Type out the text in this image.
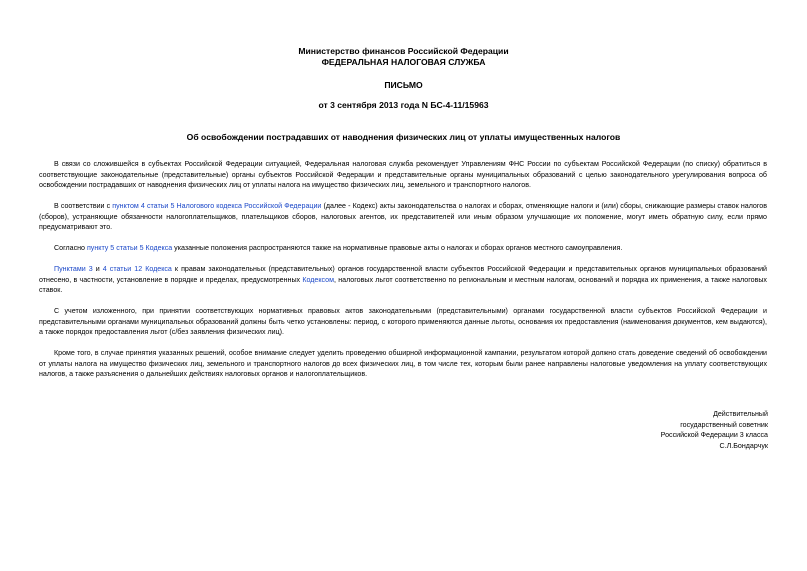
Министерство финансов Российской Федерации

ФЕДЕРАЛЬНАЯ НАЛОГОВАЯ СЛУЖБА

ПИСЬМО

от 3 сентября 2013 года N БС-4-11/15963

Об освобождении пострадавших от наводнения физических лиц от уплаты имущественных налогов

В связи со сложившейся в субъектах Российской Федерации ситуацией, Федеральная налоговая служба рекомендует Управлениям ФНС России по субъектам Российской Федерации (по списку) обратиться в соответствующие законодательные (представительные) органы субъектов Российской Федерации и представительные органы муниципальных образований с целью законодательного урегулирования вопроса об освобождении пострадавших от наводнения физических лиц от уплаты налога на имущество физических лиц, земельного и транспортного налогов.

В соответствии с пунктом 4 статьи 5 Налогового кодекса Российской Федерации (далее - Кодекс) акты законодательства о налогах и сборах, отменяющие налоги и (или) сборы, снижающие размеры ставок налогов (сборов), устраняющие обязанности налогоплательщиков, плательщиков сборов, налоговых агентов, их представителей или иным образом улучшающие их положение, могут иметь обратную силу, если прямо предусматривают это.

Согласно пункту 5 статьи 5 Кодекса указанные положения распространяются также на нормативные правовые акты о налогах и сборах органов местного самоуправления.

Пунктами 3 и 4 статьи 12 Кодекса к правам законодательных (представительных) органов государственной власти субъектов Российской Федерации и представительных органов муниципальных образований отнесено, в частности, установление в порядке и пределах, предусмотренных Кодексом, налоговых льгот соответственно по региональным и местным налогам, оснований и порядка их применения, а также налоговых ставок.

С учетом изложенного, при принятии соответствующих нормативных правовых актов законодательными (представительными) органами государственной власти субъектов Российской Федерации и представительными органами муниципальных образований должны быть четко установлены: период, с которого применяются данные льготы, основания их предоставления (наименования документов, кем выдаются), а также порядок предоставления льгот (с/без заявления физических лиц).

Кроме того, в случае принятия указанных решений, особое внимание следует уделить проведению обширной информационной кампании, результатом которой должно стать доведение сведений об освобождении от уплаты налога на имущество физических лиц, земельного и транспортного налогов до всех физических лиц, в том числе тех, которым были ранее направлены налоговые уведомления на уплату соответствующих налогов, а также разъяснения о дальнейших действиях налоговых органов и налогоплательщиков.

Действительный
государственный советник
Российской Федерации 3 класса
С.Л.Бондарчук
